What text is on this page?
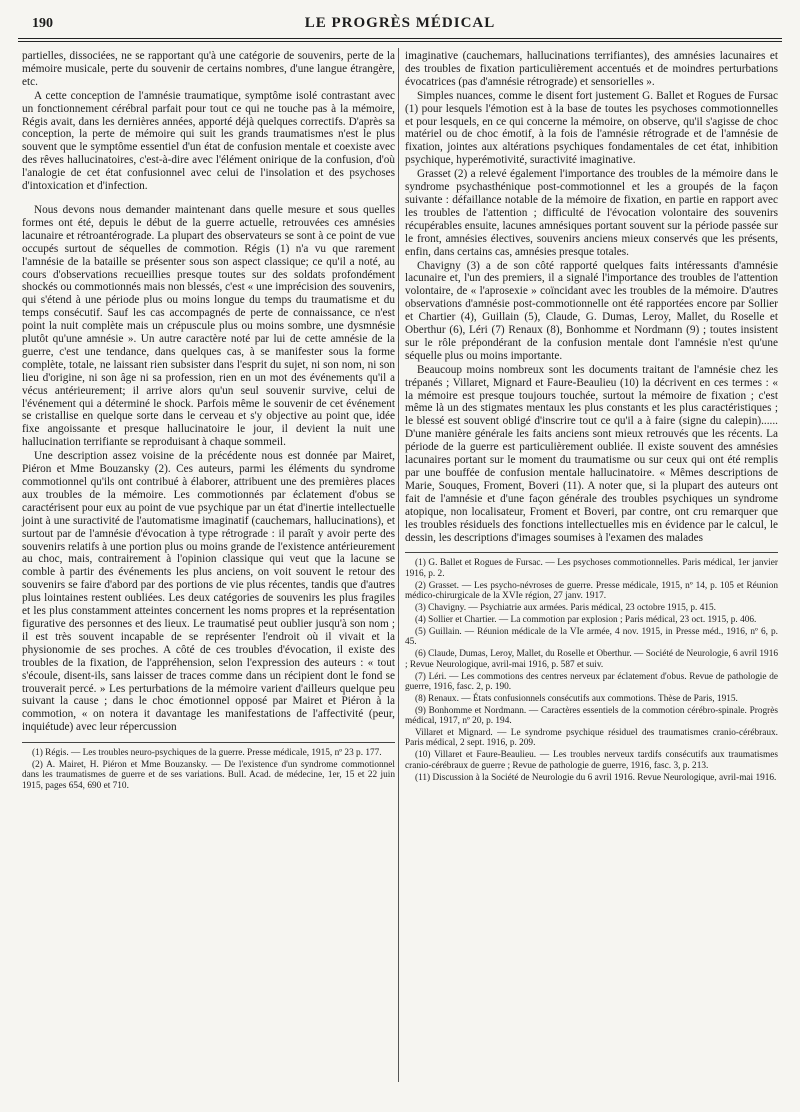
190	LE PROGRÈS MÉDICAL

partielles, dissociées, ne se rapportant qu'à une catégorie de souvenirs, perte de la mémoire musicale, perte du souvenir de certains nombres, d'une langue étrangère, etc.

A cette conception de l'amnésie traumatique, symptôme isolé contrastant avec un fonctionnement cérébral parfait pour tout ce qui ne touche pas à la mémoire, Régis avait, dans les dernières années, apporté déjà quelques correctifs. D'après sa conception, la perte de mémoire qui suit les grands traumatismes n'est le plus souvent que le symptôme essentiel d'un état de confusion mentale et coexiste avec des rêves hallucinatoires, c'est-à-dire avec l'élément onirique de la confusion, d'où l'analogie de cet état confusionnel avec celui de l'insolation et des psychoses d'intoxication et d'infection.

Nous devons nous demander maintenant dans quelle mesure et sous quelles formes ont été, depuis le début de la guerre actuelle, retrouvées ces amnésies lacunaire et rétroantérograde. La plupart des observateurs se sont à ce point de vue occupés surtout de séquelles de commotion. Régis (1) n'a vu que rarement l'amnésie de la bataille se présenter sous son aspect classique; ce qu'il a noté, au cours d'observations recueillies presque toutes sur des soldats profondément shockés ou commotionnés mais non blessés, c'est « une imprécision des souvenirs, qui s'étend à une période plus ou moins longue du temps du traumatisme et du temps consécutif. Sauf les cas accompagnés de perte de connaissance, ce n'est point la nuit complète mais un crépuscule plus ou moins sombre, une dysmnésie plutôt qu'une amnésie ». Un autre caractère noté par lui de cette amnésie de la guerre, c'est une tendance, dans quelques cas, à se manifester sous la forme complète, totale, ne laissant rien subsister dans l'esprit du sujet, ni son nom, ni son lieu d'origine, ni son âge ni sa profession, rien en un mot des événements qu'il a vécus antérieurement; il arrive alors qu'un seul souvenir survive, celui de l'événement qui a déterminé le shock. Parfois même le souvenir de cet événement se cristallise en quelque sorte dans le cerveau et s'y objective au point que, idée fixe angoissante et presque hallucinatoire le jour, il devient la nuit une hallucination terrifiante se reproduisant à chaque sommeil.

Une description assez voisine de la précédente nous est donnée par Mairet, Piéron et Mme Bouzansky (2). Ces auteurs, parmi les éléments du syndrome commotionnel qu'ils ont contribué à élaborer, attribuent une des premières places aux troubles de la mémoire. Les commotionnés par éclatement d'obus se caractérisent pour eux au point de vue psychique par un état d'inertie intellectuelle joint à une suractivité de l'automatisme imaginatif (cauchemars, hallucinations), et surtout par de l'amnésie d'évocation à type rétrograde : il paraît y avoir perte des souvenirs relatifs à une portion plus ou moins grande de l'existence antérieurement au choc, mais, contrairement à l'opinion classique qui veut que la lacune se comble à partir des événements les plus anciens, on voit souvent le retour des souvenirs se faire d'abord par des portions de vie plus récentes, tandis que d'autres plus lointaines restent oubliées. Les deux catégories de souvenirs les plus fragiles et les plus constamment atteintes concernent les noms propres et la représentation figurative des personnes et des lieux. Le traumatisé peut oublier jusqu'à son nom ; il est très souvent incapable de se représenter l'endroit où il vivait et la physionomie de ses proches. A côté de ces troubles d'évocation, il existe des troubles de la fixation, de l'appréhension, selon l'expression des auteurs : « tout s'écoule, disent-ils, sans laisser de traces comme dans un récipient dont le fond se trouverait percé. » Les perturbations de la mémoire varient d'ailleurs quelque peu suivant la cause ; dans le choc émotionnel opposé par Mairet et Piéron à la commotion, « on notera it davantage les manifestations de l'affectivité (peur, inquiétude) avec leur répercussion

(1) Régis. — Les troubles neuro-psychiques de la guerre. Presse médicale, 1915, nº 23 p. 177.

(2) A. Mairet, H. Piéron et Mme Bouzansky. — De l'existence d'un syndrome commotionnel dans les traumatismes de guerre et de ses variations. Bull. Acad. de médecine, 1er, 15 et 22 juin 1915, pages 654, 690 et 710.

imaginative (cauchemars, hallucinations terrifiantes), des amnésies lacunaires et des troubles de fixation particulièrement accentués et de moindres perturbations évocatrices (pas d'amnésie rétrograde) et sensorielles ».

Simples nuances, comme le disent fort justement G. Ballet et Rogues de Fursac (1) pour lesquels l'émotion est à la base de toutes les psychoses commotionnelles et pour lesquels, en ce qui concerne la mémoire, on observe, qu'il s'agisse de choc matériel ou de choc émotif, à la fois de l'amnésie rétrograde et de l'amnésie de fixation, jointes aux altérations psychiques fondamentales de cet état, inhibition psychique, hyperémotivité, suractivité imaginative.

Grasset (2) a relevé également l'importance des troubles de la mémoire dans le syndrome psychasthénique post-commotionnel et les a groupés de la façon suivante : défaillance notable de la mémoire de fixation, en partie en rapport avec les troubles de l'attention ; difficulté de l'évocation volontaire des souvenirs récupérables ensuite, lacunes amnésiques portant souvent sur la période passée sur le front, amnésies électives, souvenirs anciens mieux conservés que les présents, enfin, dans certains cas, amnésies presque totales.

Chavigny (3) a de son côté rapporté quelques faits intéressants d'amnésie lacunaire et, l'un des premiers, il a signalé l'importance des troubles de l'attention volontaire, de « l'aprosexie » coïncidant avec les troubles de la mémoire. D'autres observations d'amnésie post-commotionnelle ont été rapportées encore par Sollier et Chartier (4), Guillain (5), Claude, G. Dumas, Leroy, Mallet, du Roselle et Oberthur (6), Léri (7) Renaux (8), Bonhomme et Nordmann (9) ; toutes insistent sur le rôle prépondérant de la confusion mentale dont l'amnésie n'est qu'une séquelle plus ou moins importante.

Beaucoup moins nombreux sont les documents traitant de l'amnésie chez les trépanés ; Villaret, Mignard et Faure-Beaulieu (10) la décrivent en ces termes : « la mémoire est presque toujours touchée, surtout la mémoire de fixation ; c'est même là un des stigmates mentaux les plus constants et les plus caractéristiques ; le blessé est souvent obligé d'inscrire tout ce qu'il a à faire (signe du calepin)...... D'une manière générale les faits anciens sont mieux retrouvés que les récents. La période de la guerre est particulièrement oubliée. Il existe souvent des amnésies lacunaires portant sur le moment du traumatisme ou sur ceux qui ont été remplis par une bouffée de confusion mentale hallucinatoire. « Mêmes descriptions de Marie, Souques, Froment, Boveri (11). A noter que, si la plupart des auteurs ont fait de l'amnésie et d'une façon générale des troubles psychiques un syndrome atopique, non localisateur, Froment et Boveri, par contre, ont cru remarquer que les troubles résiduels des fonctions intellectuelles mis en évidence par le calcul, le dessin, les descriptions d'images soumises à l'examen des malades

(1) G. Ballet et Rogues de Fursac. — Les psychoses commotionnelles. Paris médical, 1er janvier 1916, p. 2.

(2) Grasset. — Les psycho-névroses de guerre. Presse médicale, 1915, nº 14, p. 105 et Réunion médico-chirurgicale de la XVIe région, 27 janv. 1917.

(3) Chavigny. — Psychiatrie aux armées. Paris médical, 23 octobre 1915, p. 415.

(4) Sollier et Chartier. — La commotion par explosion ; Paris médical, 23 oct. 1915, p. 406.

(5) Guillain. — Réunion médicale de la VIe armée, 4 nov. 1915, in Presse méd., 1916, nº 6, p. 45.

(6) Claude, Dumas, Leroy, Mallet, du Roselle et Oberthur. — Société de Neurologie, 6 avril 1916 ; Revue Neurologique, avril-mai 1916, p. 587 et suiv.

(7) Léri. — Les commotions des centres nerveux par éclatement d'obus. Revue de pathologie de guerre, 1916, fasc. 2, p. 190.

(8) Renaux. — États confusionnels consécutifs aux commotions. Thèse de Paris, 1915.

(9) Bonhomme et Nordmann. — Caractères essentiels de la commotion cérébro-spinale. Progrès médical, 1917, nº 20, p. 194.

Villaret et Mignard. — Le syndrome psychique résiduel des traumatismes cranio-cérébraux. Paris médical, 2 sept. 1916, p. 209.

(10) Villaret et Faure-Beaulieu. — Les troubles nerveux tardifs consécutifs aux traumatismes cranio-cérébraux de guerre ; Revue de pathologie de guerre, 1916, fasc. 3, p. 213.

(11) Discussion à la Société de Neurologie du 6 avril 1916. Revue Neurologique, avril-mai 1916.
